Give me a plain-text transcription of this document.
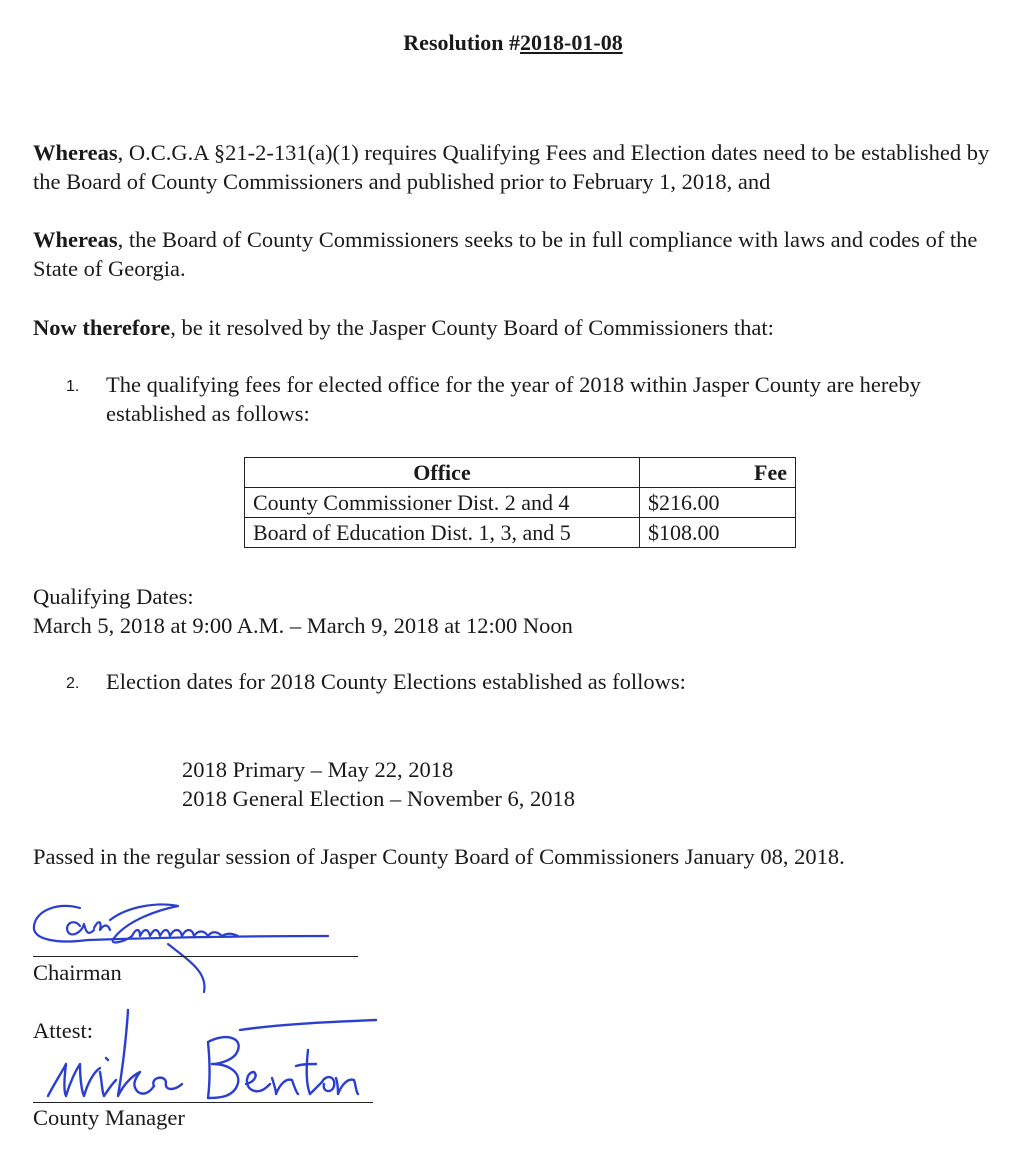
Resolution #2018-01-08

Whereas, O.C.G.A §21-2-131(a)(1) requires Qualifying Fees and Election dates need to be established by the Board of County Commissioners and published prior to February 1, 2018, and

Whereas, the Board of County Commissioners seeks to be in full compliance with laws and codes of the State of Georgia.

Now therefore, be it resolved by the Jasper County Board of Commissioners that:

1. The qualifying fees for elected office for the year of 2018 within Jasper County are hereby established as follows:
Office	Fee
County Commissioner Dist. 2 and 4	$216.00
Board of Education Dist. 1, 3, and 5	$108.00
Qualifying Dates:
March 5, 2018 at 9:00 A.M. – March 9, 2018 at 12:00 Noon
2. Election dates for 2018 County Elections established as follows:
2018 Primary – May 22, 2018
2018 General Election – November 6, 2018

Passed in the regular session of Jasper County Board of Commissioners January 08, 2018.

Chairman
Attest:
County Manager
